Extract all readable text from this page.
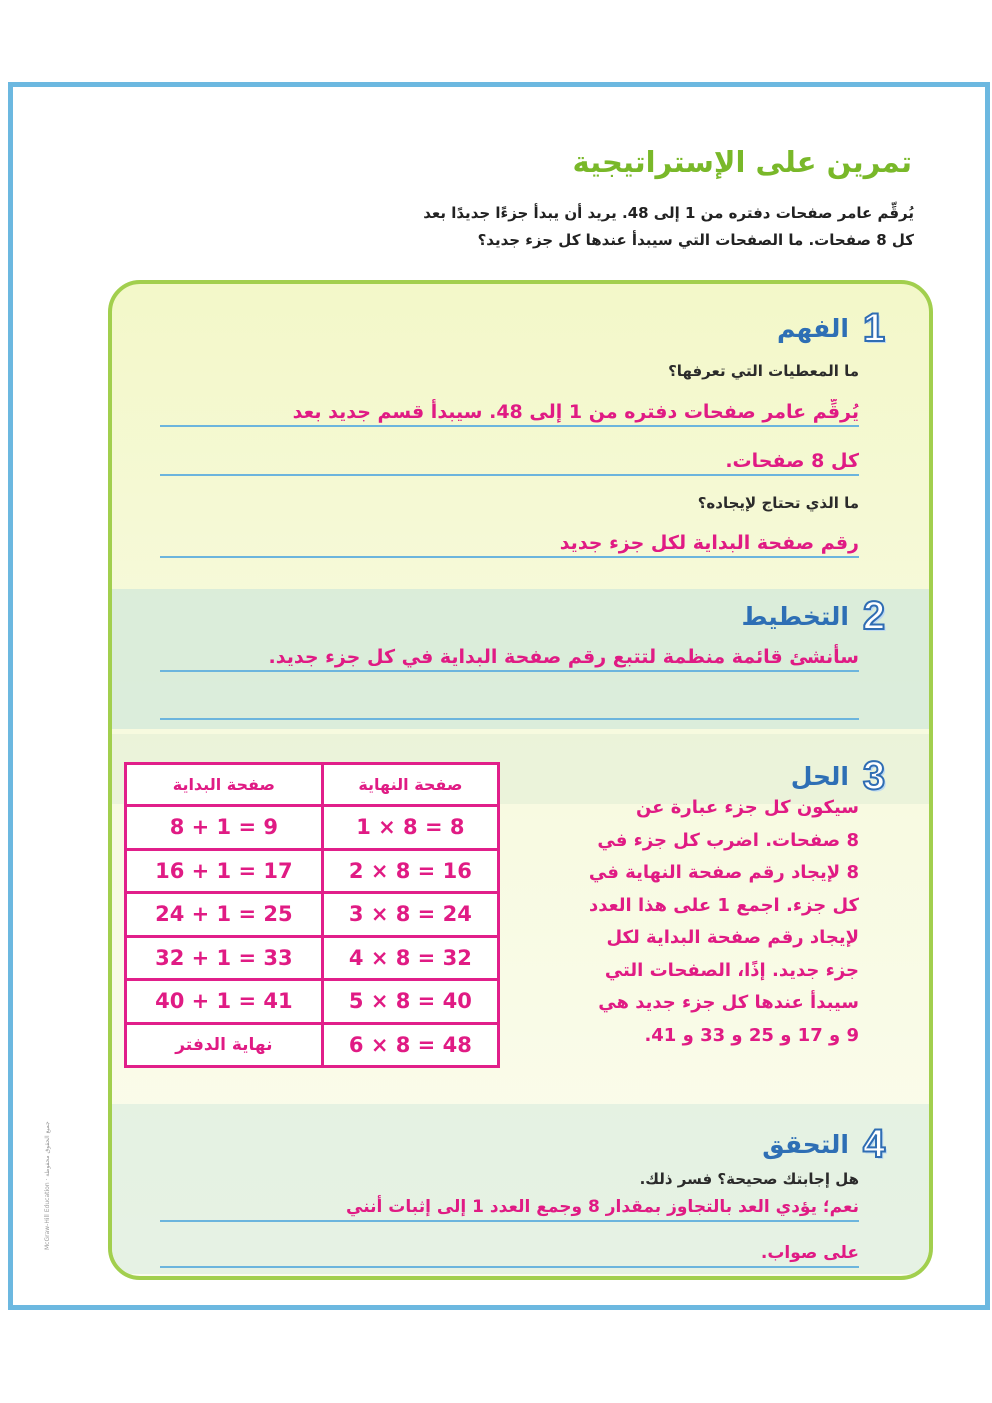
McGraw-Hill Education · جميع الحقوق محفوظة
تمرين على الإستراتيجية
يُرقِّم عامر صفحات دفتره من 1 إلى 48. يريد أن يبدأ جزءًا جديدًا بعد
كل 8 صفحات. ما الصفحات التي سيبدأ عندها كل جزء جديد؟
1
الفهم
ما المعطيات التي تعرفها؟
يُرقِّم عامر صفحات دفتره من 1 إلى 48. سيبدأ قسم جديد بعد
كل 8 صفحات.
ما الذي تحتاج لإيجاده؟
رقم صفحة البداية لكل جزء جديد
2
التخطيط
سأنشئ قائمة منظمة لتتبع رقم صفحة البداية في كل جزء جديد.
3
الحل
سيكون كل جزء عبارة عن
8 صفحات. اضرب كل جزء في
8 لإيجاد رقم صفحة النهاية في
كل جزء. اجمع 1 على هذا العدد
لإيجاد رقم صفحة البداية لكل
جزء جديد. إذًا، الصفحات التي
سيبدأ عندها كل جزء جديد هي
9 و 17 و 25 و 33 و 41.
صفحة النهاية	صفحة البداية
1 × 8 = 8	8 + 1 = 9
2 × 8 = 16	16 + 1 = 17
3 × 8 = 24	24 + 1 = 25
4 × 8 = 32	32 + 1 = 33
5 × 8 = 40	40 + 1 = 41
6 × 8 = 48	نهاية الدفتر
4
التحقق
هل إجابتك صحيحة؟ فسر ذلك.
نعم؛ يؤدي العد بالتجاوز بمقدار 8 وجمع العدد 1 إلى إثبات أنني
على صواب.
